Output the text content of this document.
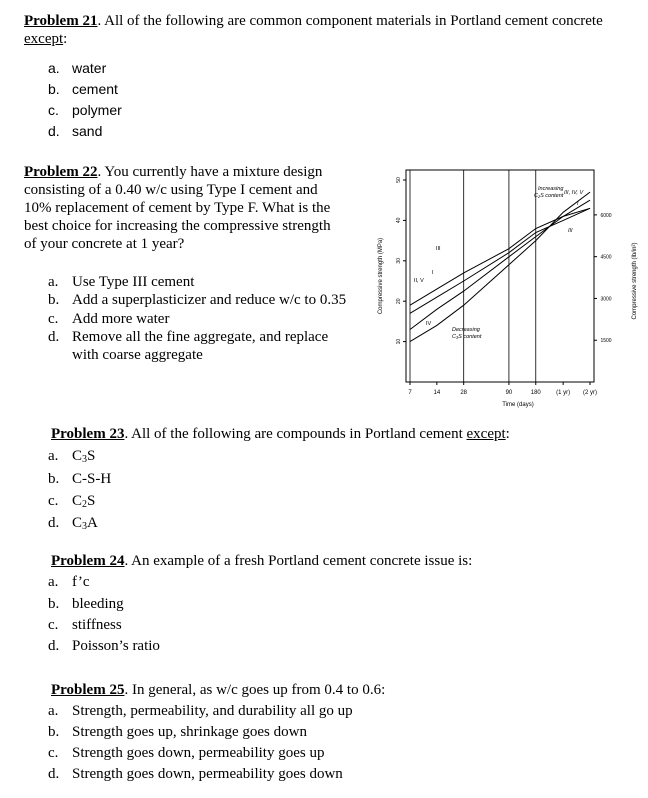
Problem 21. All of the following are common component materials in Portland cement concrete
except:
a. water
b. cement
c. polymer
d. sand
Problem 22. You currently have a mixture design
consisting of a 0.40 w/c using Type I cement and
10% replacement of cement by Type F. What is the
best choice for increasing the compressive strength
of your concrete at 1 year?
a. Use Type III cement
b. Add a superplasticizer and reduce w/c to 0.35
c. Add more water
d. Remove all the fine aggregate, and replace
with coarse aggregate
7	14	28	90	180	(1 yr) (2 yr)
10
20
30
40
50
1500
3000
4500
6000
Time (days)
Compressive strength (MPa)	Compressive strength (lb/in²)
Increasing
C₂S content
Decreasing
C₃S content
III, IV, V
I
III
III
I
II, V
IV
Problem 23. All of the following are compounds in Portland cement except:
a. $C_3S$
b. C-S-H
c. $C_2S$
d. $C_3A$
Problem 24. An example of a fresh Portland cement concrete issue is:
a. f’c
b. bleeding
c. stiffness
d. Poisson’s ratio
Problem 25. In general, as w/c goes up from 0.4 to 0.6:
a. Strength, permeability, and durability all go up
b. Strength goes up, shrinkage goes down
c. Strength goes down, permeability goes up
d. Strength goes down, permeability goes down
